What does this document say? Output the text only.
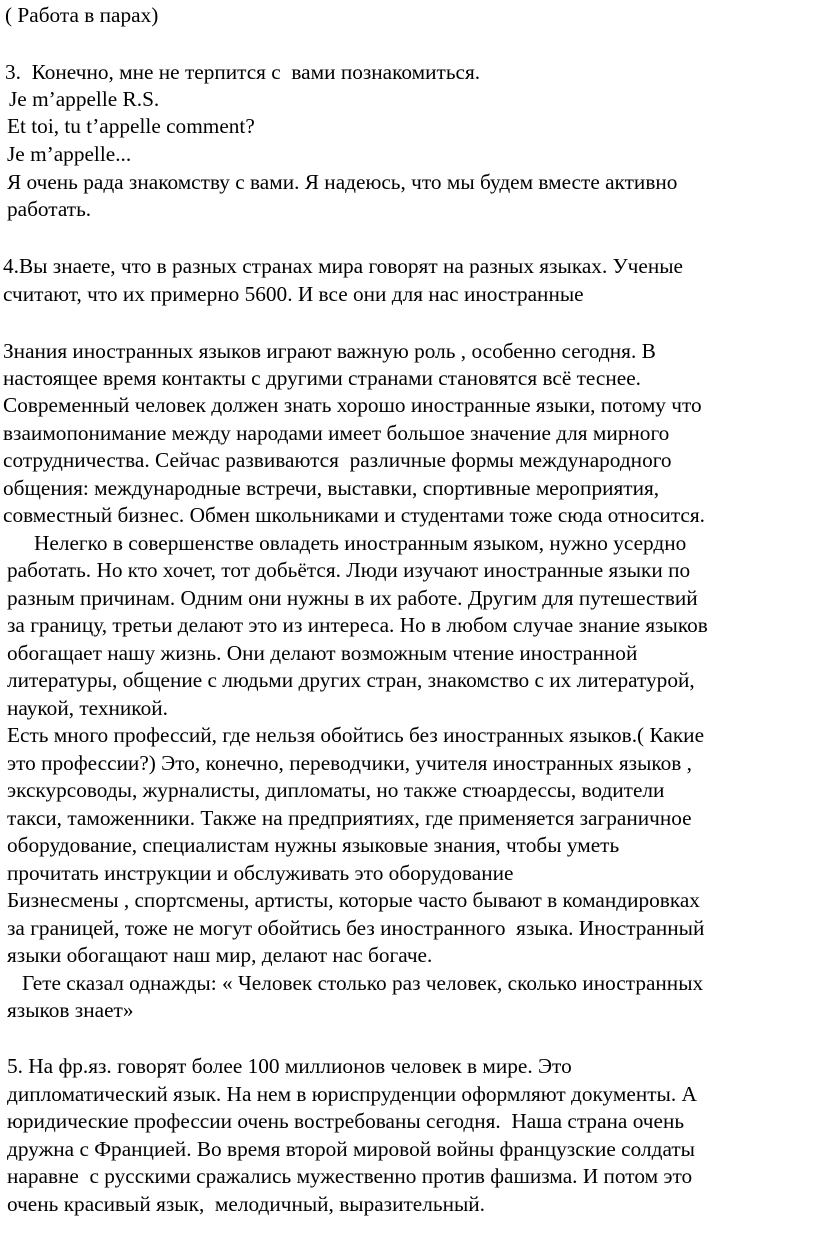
( Работа в парах)

3.  Конечно, мне не терпится с  вами познакомиться.

Je m’appelle R.S.

Et toi, tu t’appelle comment?

Je m’appelle...

Я очень рада знакомству с вами. Я надеюсь, что мы будем вместе активно

работать.

4.Вы знаете, что в разных странах мира говорят на разных языках. Ученые

считают, что их примерно 5600. И все они для нас иностранные

Знания иностранных языков играют важную роль , особенно сегодня. В

настоящее время контакты с другими странами становятся всё теснее.

Современный человек должен знать хорошо иностранные языки, потому что

взаимопонимание между народами имеет большое значение для мирного

сотрудничества. Сейчас развиваются  различные формы международного

общения: международные встречи, выставки, спортивные мероприятия,

совместный бизнес. Обмен школьниками и студентами тоже сюда относится.

Нелегко в совершенстве овладеть иностранным языком, нужно усердно

работать. Но кто хочет, тот добьётся. Люди изучают иностранные языки по

разным причинам. Одним они нужны в их работе. Другим для путешествий

за границу, третьи делают это из интереса. Но в любом случае знание языков

обогащает нашу жизнь. Они делают возможным чтение иностранной

литературы, общение с людьми других стран, знакомство с их литературой,

наукой, техникой.

Есть много профессий, где нельзя обойтись без иностранных языков.( Какие

это профессии?) Это, конечно, переводчики, учителя иностранных языков ,

экскурсоводы, журналисты, дипломаты, но также стюардессы, водители

такси, таможенники. Также на предприятиях, где применяется заграничное

оборудование, специалистам нужны языковые знания, чтобы уметь

прочитать инструкции и обслуживать это оборудование

Бизнесмены , спортсмены, артисты, которые часто бывают в командировках

за границей, тоже не могут обойтись без иностранного  языка. Иностранный

языки обогащают наш мир, делают нас богаче.

Гете сказал однажды: « Человек столько раз человек, сколько иностранных

языков знает»

5. На фр.яз. говорят более 100 миллионов человек в мире. Это

дипломатический язык. На нем в юриспруденции оформляют документы. А

юридические профессии очень востребованы сегодня.  Наша страна очень

дружна с Францией. Во время второй мировой войны французские солдаты

наравне  с русскими сражались мужественно против фашизма. И потом это

очень красивый язык,  мелодичный, выразительный.
